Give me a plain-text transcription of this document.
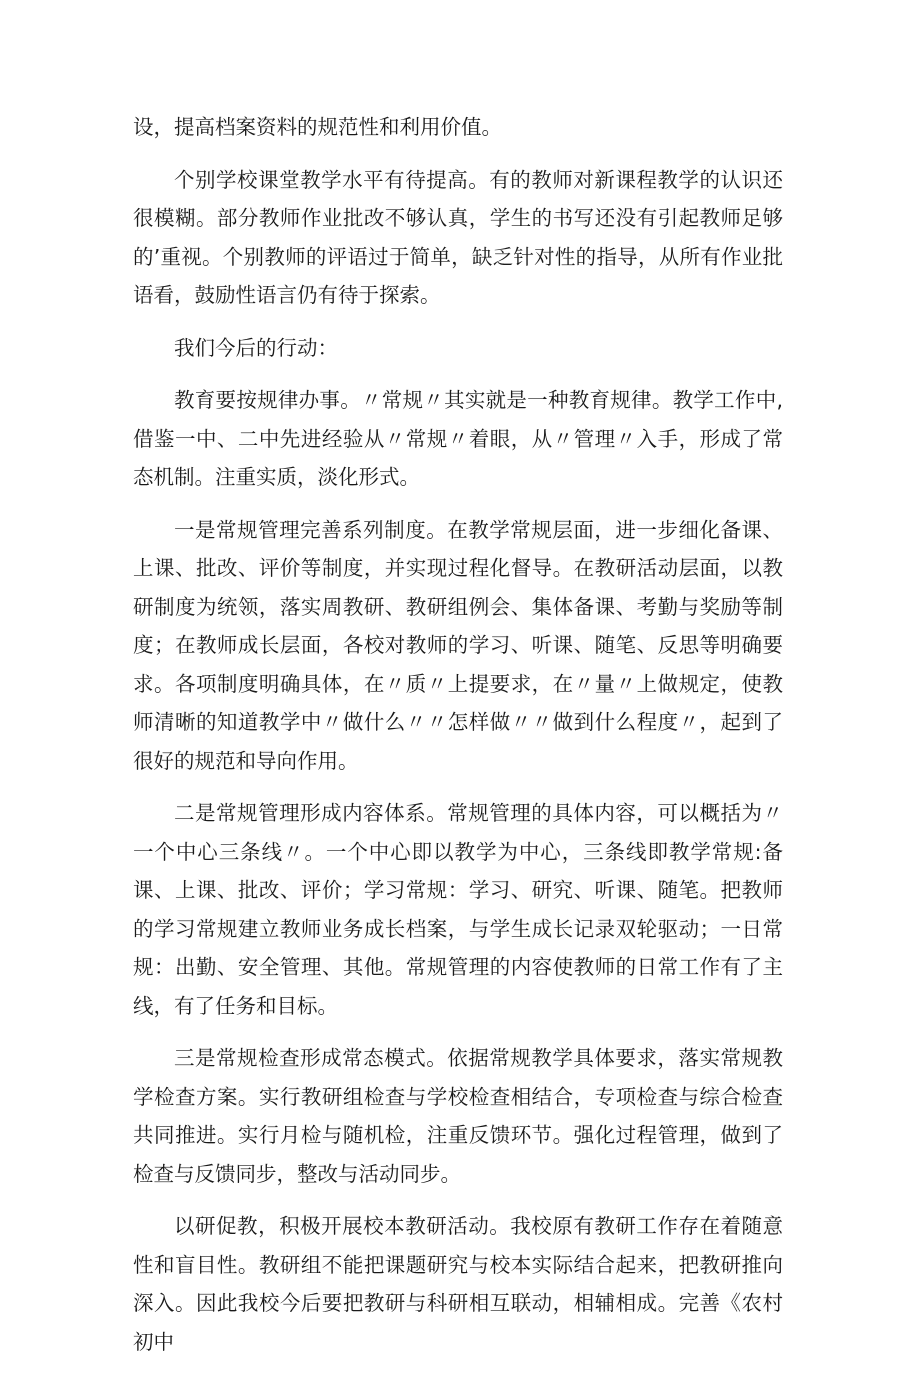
设，提高档案资料的规范性和利用价值。

个别学校课堂教学水平有待提高。有的教师对新课程教学的认识还很模糊。部分教师作业批改不够认真，学生的书写还没有引起教师足够的’重视。个别教师的评语过于简单，缺乏针对性的指导，从所有作业批语看，鼓励性语言仍有待于探索。

我们今后的行动：

教育要按规律办事。〃常规〃其实就是一种教育规律。教学工作中,借鉴一中、二中先进经验从〃常规〃着眼，从〃管理〃入手，形成了常态机制。注重实质，淡化形式。

一是常规管理完善系列制度。在教学常规层面，进一步细化备课、上课、批改、评价等制度，并实现过程化督导。在教研活动层面，以教研制度为统领，落实周教研、教研组例会、集体备课、考勤与奖励等制度；在教师成长层面，各校对教师的学习、听课、随笔、反思等明确要求。各项制度明确具体，在〃质〃上提要求，在〃量〃上做规定，使教师清晰的知道教学中〃做什么〃〃怎样做〃〃做到什么程度〃，起到了很好的规范和导向作用。

二是常规管理形成内容体系。常规管理的具体内容，可以概括为〃一个中心三条线〃。一个中心即以教学为中心，三条线即教学常规:备课、上课、批改、评价；学习常规：学习、研究、听课、随笔。把教师的学习常规建立教师业务成长档案，与学生成长记录双轮驱动；一日常规：出勤、安全管理、其他。常规管理的内容使教师的日常工作有了主线，有了任务和目标。

三是常规检查形成常态模式。依据常规教学具体要求，落实常规教学检查方案。实行教研组检查与学校检查相结合，专项检查与综合检查共同推进。实行月检与随机检，注重反馈环节。强化过程管理，做到了检查与反馈同步，整改与活动同步。

以研促教，积极开展校本教研活动。我校原有教研工作存在着随意性和盲目性。教研组不能把课题研究与校本实际结合起来，把教研推向深入。因此我校今后要把教研与科研相互联动，相辅相成。完善《农村初中
